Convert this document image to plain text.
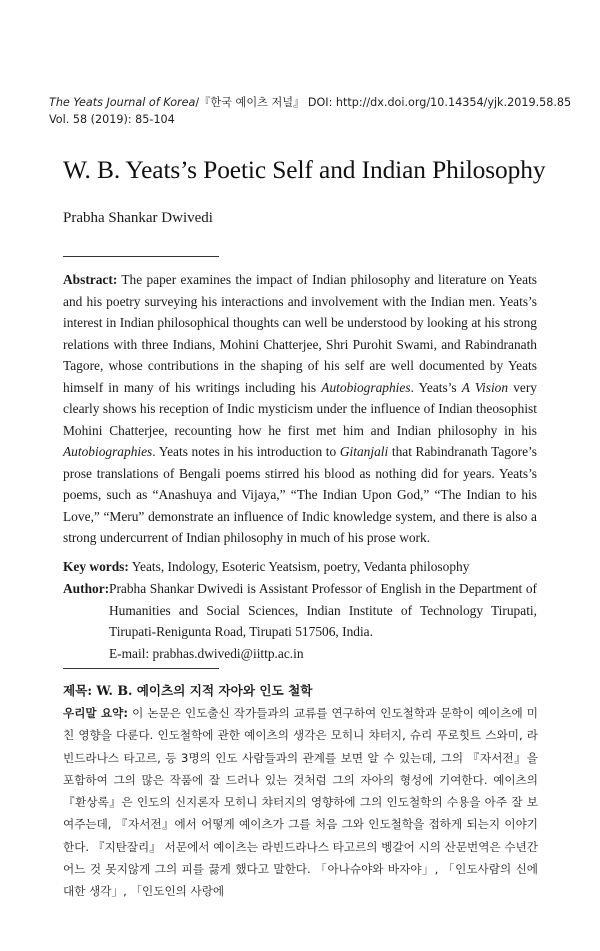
The Yeats Journal of Korea/『한국 예이츠 저널』 DOI: http://dx.doi.org/10.14354/yjk.2019.58.85
Vol. 58 (2019): 85-104
W. B. Yeats’s Poetic Self and Indian Philosophy
Prabha Shankar Dwivedi

Abstract: The paper examines the impact of Indian philosophy and literature on Yeats and his poetry surveying his interactions and involvement with the Indian men. Yeats’s interest in Indian philosophical thoughts can well be understood by looking at his strong relations with three Indians, Mohini Chatterjee, Shri Purohit Swami, and Rabindranath Tagore, whose contributions in the shaping of his self are well documented by Yeats himself in many of his writings including his Autobiographies. Yeats’s A Vision very clearly shows his reception of Indic mysticism under the influence of Indian theosophist Mohini Chatterjee, recounting how he first met him and Indian philosophy in his Autobiographies. Yeats notes in his introduction to Gitanjali that Rabindranath Tagore’s prose translations of Bengali poems stirred his blood as nothing did for years. Yeats’s poems, such as “Anashuya and Vijaya,” “The Indian Upon God,” “The Indian to his Love,” “Meru” demonstrate an influence of Indic knowledge system, and there is also a strong undercurrent of Indian philosophy in much of his prose work.

Key words: Yeats, Indology, Esoteric Yeatsism, poetry, Vedanta philosophy
Author: Prabha Shankar Dwivedi is Assistant Professor of English in the Department of Humanities and Social Sciences, Indian Institute of Technology Tirupati, Tirupati-Renigunta Road, Tirupati 517506, India.
E-mail: prabhas.dwivedi@iittp.ac.in
제목: W. B. 예이츠의 지적 자아와 인도 철학
우리말 요약: 이 논문은 인도출신 작가들과의 교류를 연구하여 인도철학과 문학이 예이츠에 미친 영향을 다룬다. 인도철학에 관한 예이츠의 생각은 모히니 챠터지, 슈리 푸로힛트 스와미, 라빈드라나스 타고르, 등 3명의 인도 사람들과의 관계를 보면 알 수 있는데, 그의 『자서전』을 포함하여 그의 많은 작품에 잘 드러나 있는 것처럼 그의 자아의 형성에 기여한다. 예이츠의 『환상록』은 인도의 신지론자 모히니 챠터지의 영향하에 그의 인도철학의 수용을 아주 잘 보여주는데, 『자서전』에서 어떻게 예이츠가 그를 처음 그와 인도철학을 접하게 되는지 이야기한다. 『지탄잘리』 서문에서 예이츠는 라빈드라나스 타고르의 벵갈어 시의 산문번역은 수년간 어느 것 못지않게 그의 피를 끓게 했다고 말한다. 「아나슈야와 바자야」, 「인도사람의 신에 대한 생각」, 「인도인의 사랑에
